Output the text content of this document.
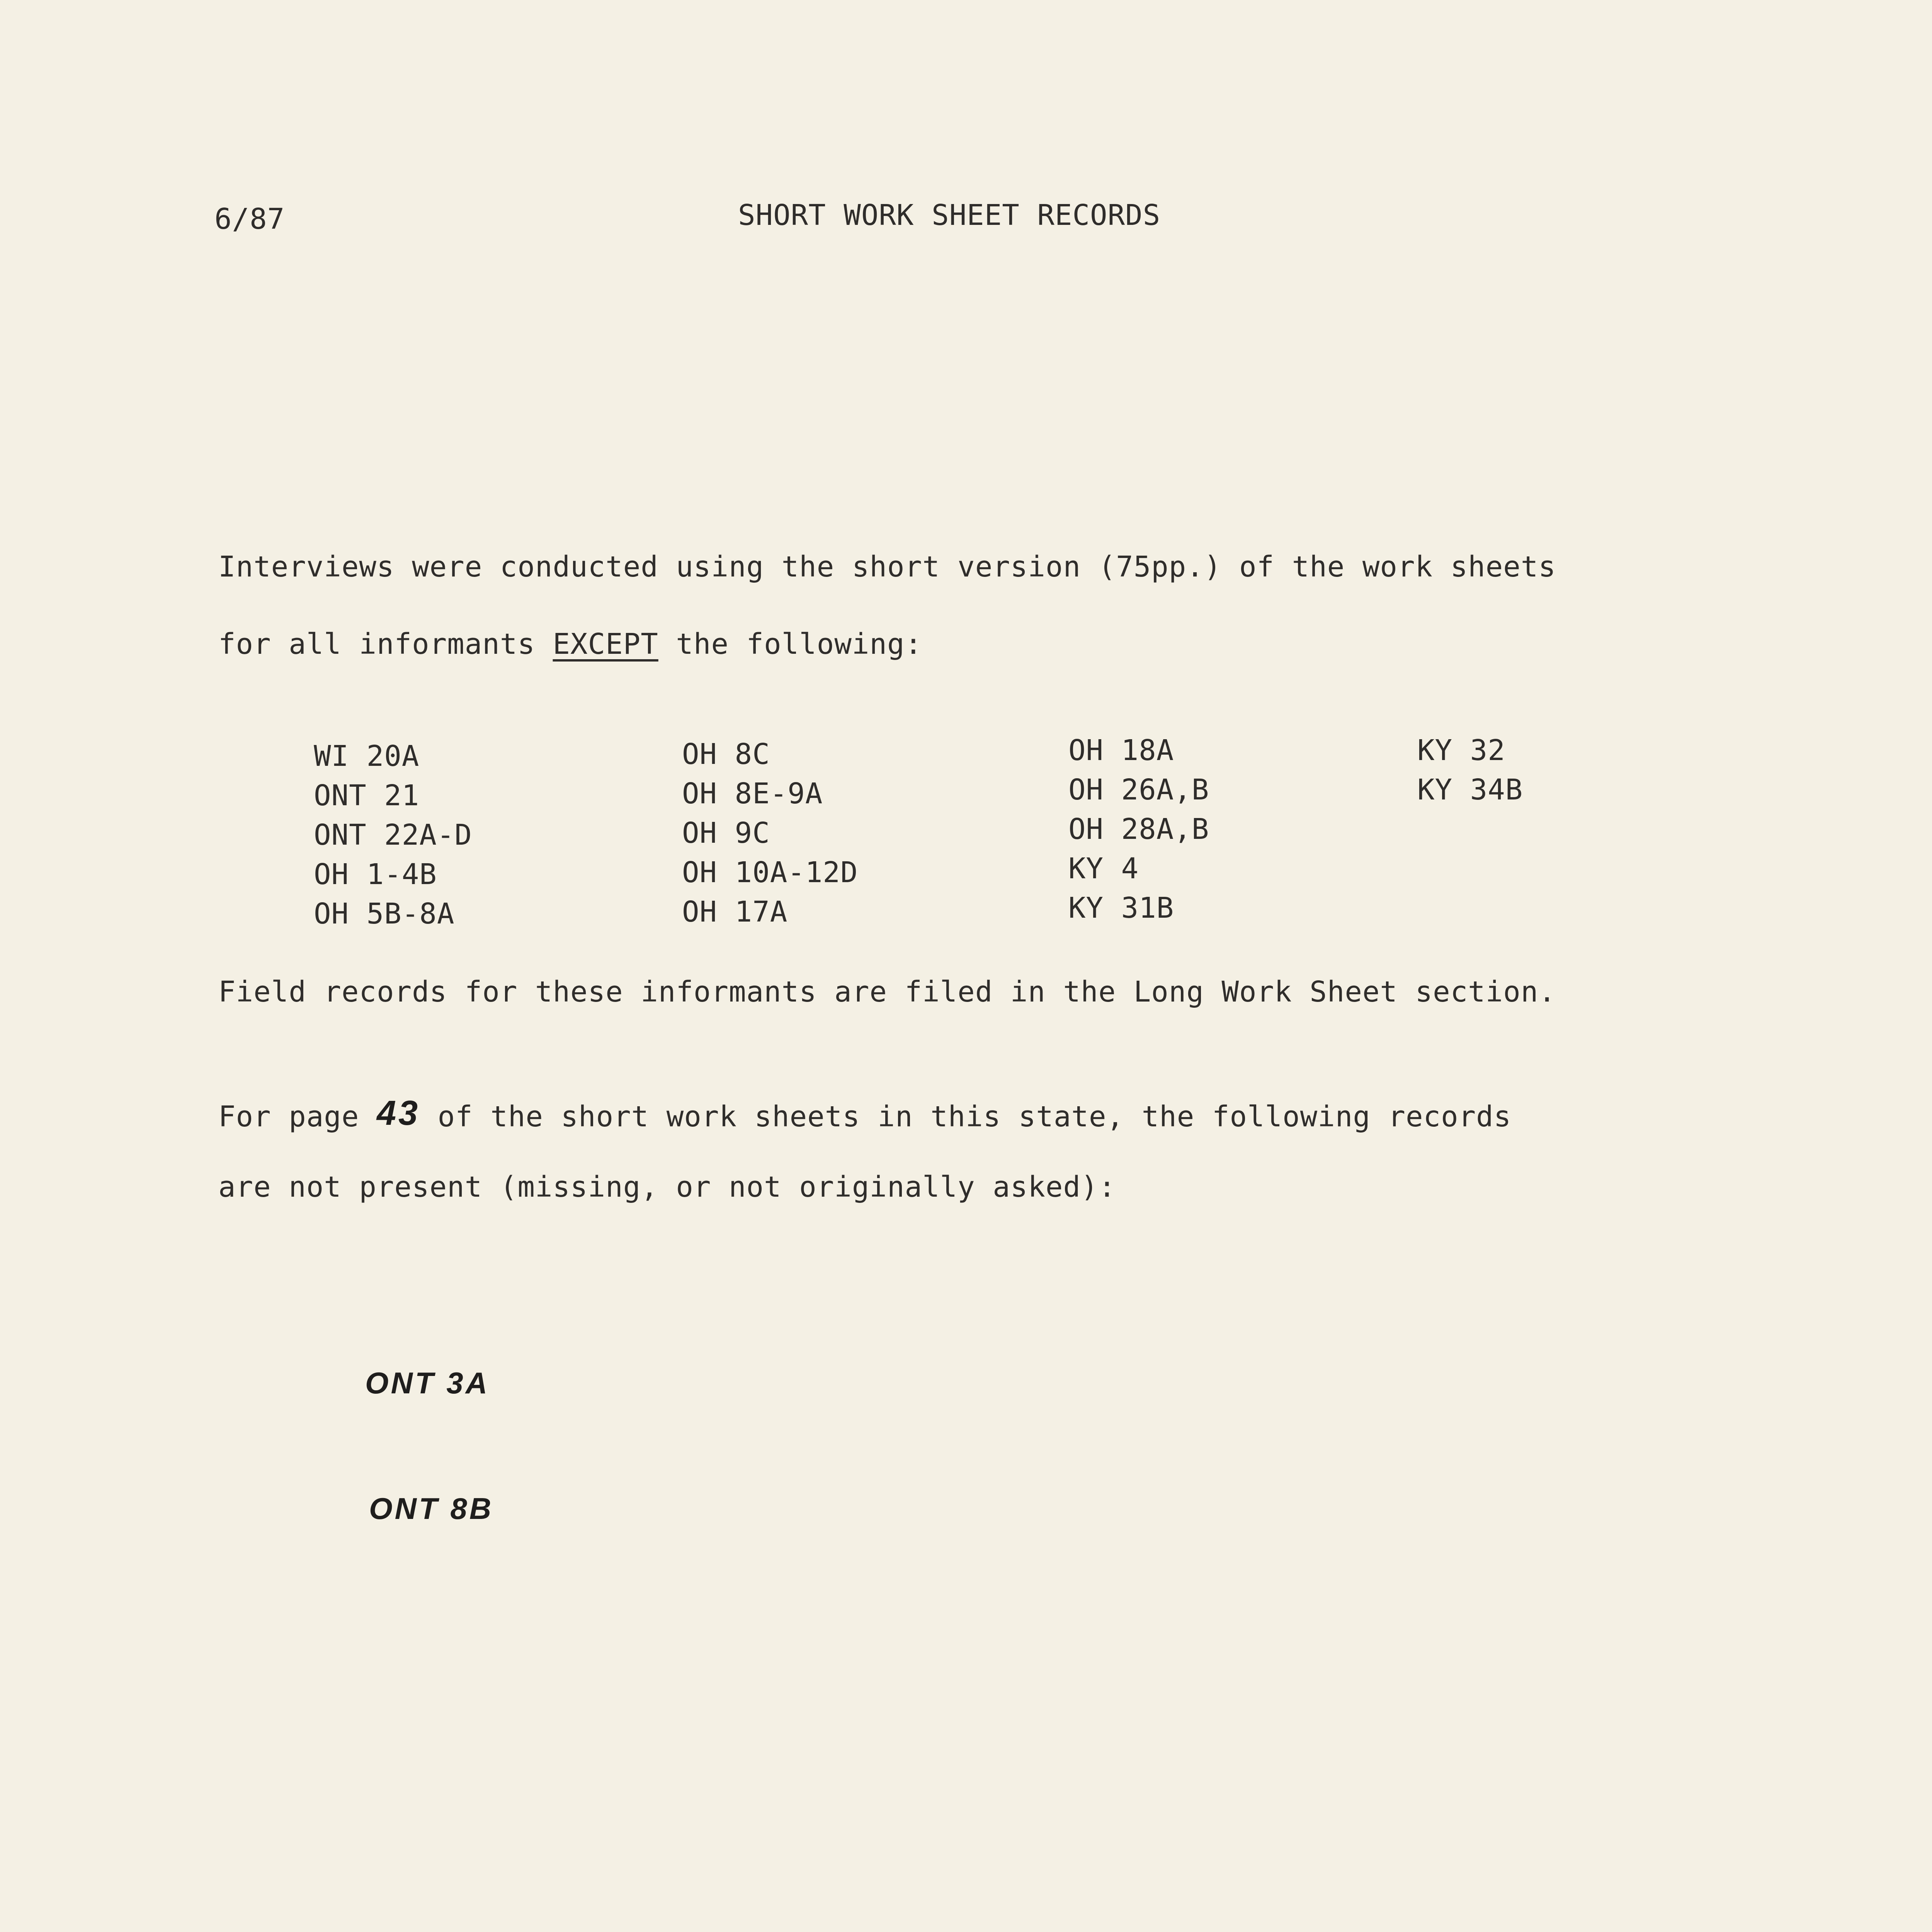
6/87	SHORT WORK SHEET RECORDS
Interviews were conducted using the short version (75pp.) of the work sheets
for all informants EXCEPT the following:
WI 20A
ONT 21
ONT 22A-D
OH 1-4B
OH 5B-8A
OH 8C
OH 8E-9A
OH 9C
OH 10A-12D
OH 17A
OH 18A
OH 26A,B
OH 28A,B
KY 4
KY 31B
KY 32
KY 34B
Field records for these informants are filed in the Long Work Sheet section.
For page 43 of the short work sheets in this state, the following records
are not present (missing, or not originally asked):
ONT 3A
ONT 8B
